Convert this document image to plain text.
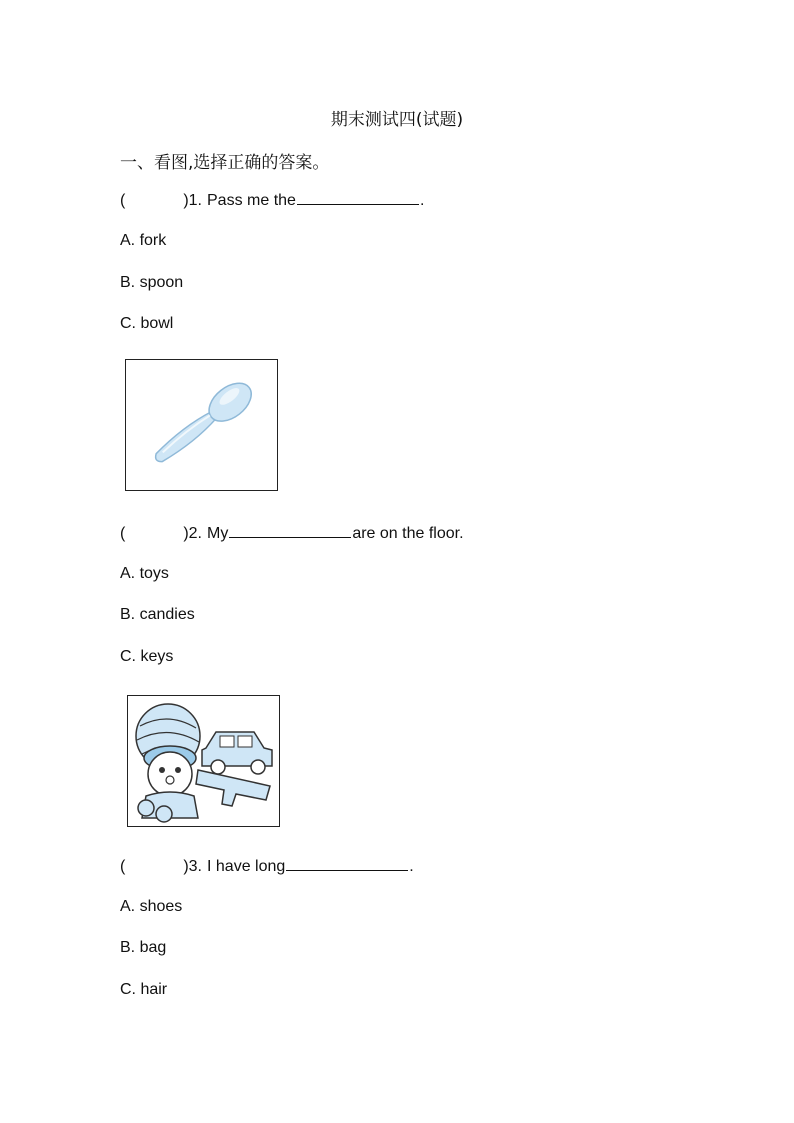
期末测试四(试题)
一、看图,选择正确的答案。
(	)1. Pass me the	.
A. fork
B. spoon
C. bowl
(	)2. My	are on the floor.
A. toys
B. candies
C. keys
(	)3. I have long	.
A. shoes
B. bag
C. hair
